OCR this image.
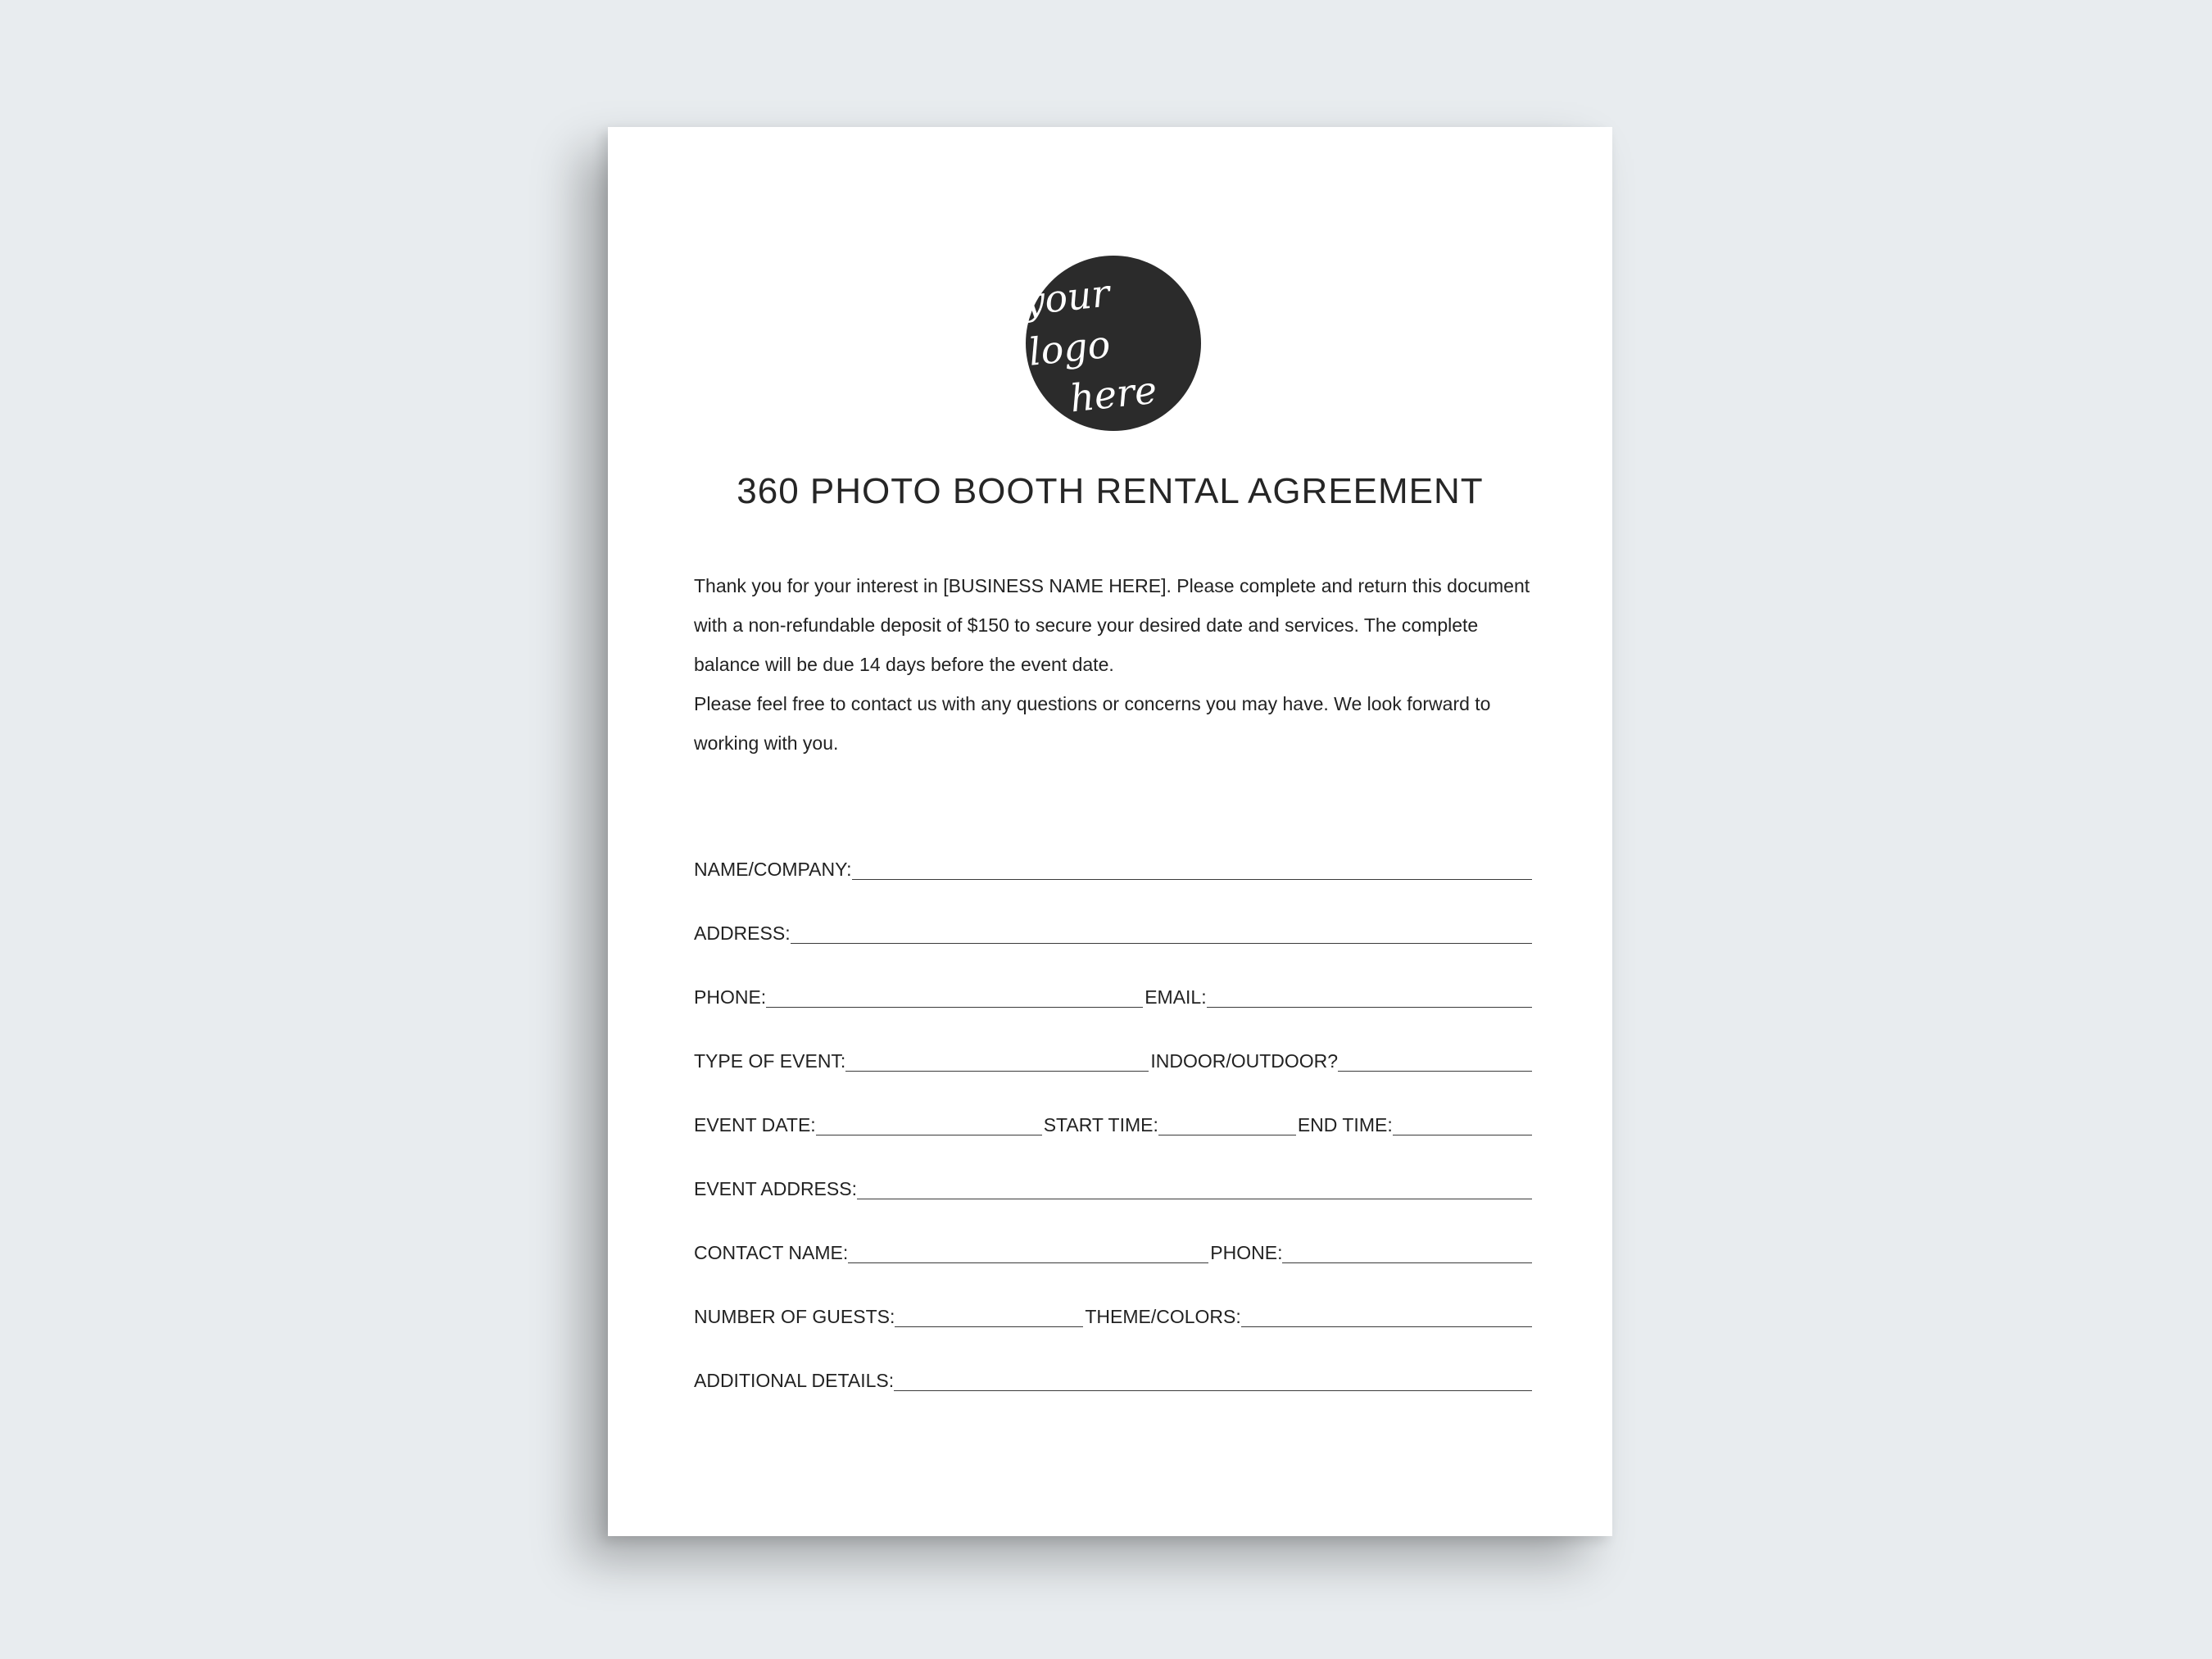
your logo
here
360 PHOTO BOOTH RENTAL AGREEMENT

Thank you for your interest in [BUSINESS NAME HERE]. Please complete and return this document with a non-refundable deposit of $150 to secure your desired date and services. The complete balance will be due 14 days before the event date.

Please feel free to contact us with any questions or concerns you may have. We look forward to working with you.

NAME/COMPANY:
ADDRESS:
PHONE:	EMAIL:
TYPE OF EVENT:	INDOOR/OUTDOOR?
EVENT DATE:	START TIME:	END TIME:
EVENT ADDRESS:
CONTACT NAME:	PHONE:
NUMBER OF GUESTS:	THEME/COLORS:
ADDITIONAL DETAILS:
